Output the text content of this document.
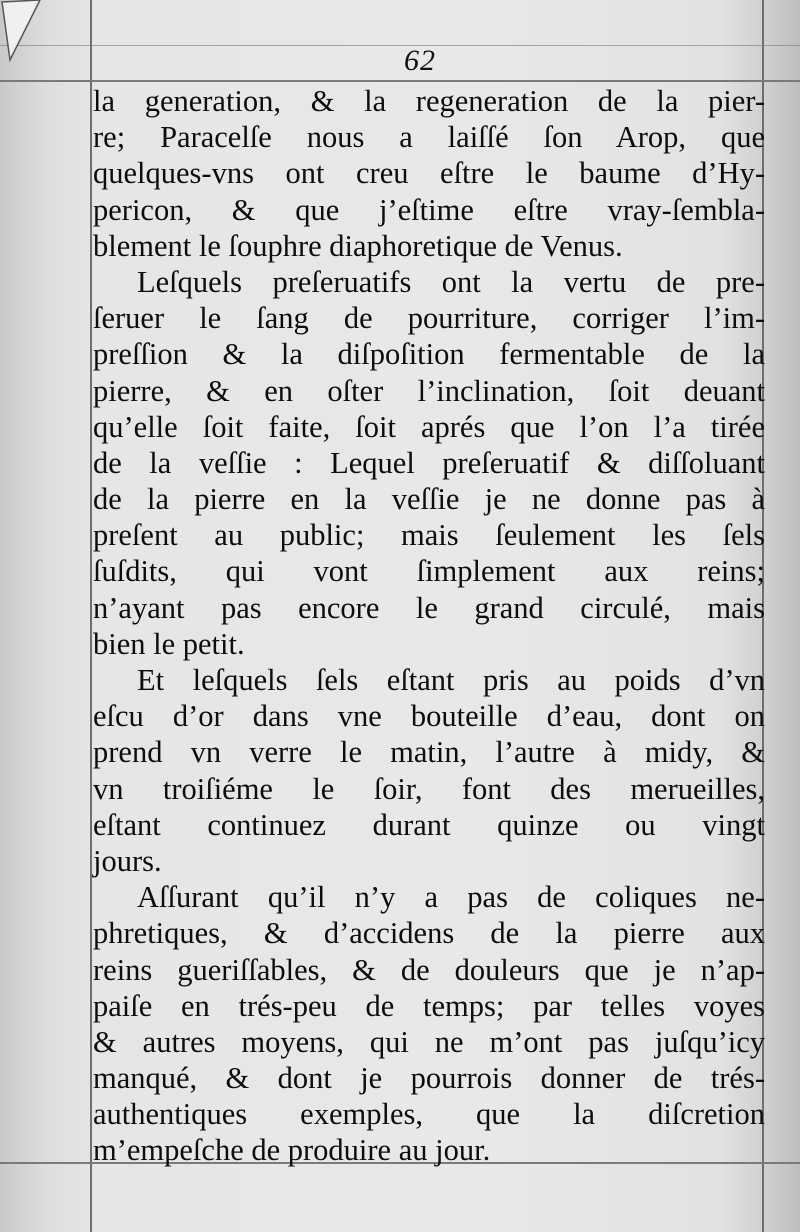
62
la generation, & la regeneration de la pier-
re; Paracelſe nous a laiſſé ſon Arop, que
quelques-vns ont creu eſtre le baume d’Hy-
pericon, & que j’eſtime eſtre vray-ſembla-
blement le ſouphre diaphoretique de Venus.
Leſquels preſeruatifs ont la vertu de pre-
ſeruer le ſang de pourriture, corriger l’im-
preſſion & la diſpoſition fermentable de la
pierre, & en oſter l’inclination, ſoit deuant
qu’elle ſoit faite, ſoit aprés que l’on l’a tirée
de la veſſie : Lequel preſeruatif & diſſoluant
de la pierre en la veſſie je ne donne pas à
preſent au public; mais ſeulement les ſels
ſuſdits, qui vont ſimplement aux reins;
n’ayant pas encore le grand circulé, mais
bien le petit.
Et leſquels ſels eſtant pris au poids d’vn
eſcu d’or dans vne bouteille d’eau, dont on
prend vn verre le matin, l’autre à midy, &
vn troiſiéme le ſoir, font des merueilles,
eſtant continuez durant quinze ou vingt
jours.
Aſſurant qu’il n’y a pas de coliques ne-
phretiques, & d’accidens de la pierre aux
reins gueriſſables, & de douleurs que je n’ap-
paiſe en trés-peu de temps; par telles voyes
& autres moyens, qui ne m’ont pas juſqu’icy
manqué, & dont je pourrois donner de trés-
authentiques exemples, que la diſcretion
m’empeſche de produire au jour.
